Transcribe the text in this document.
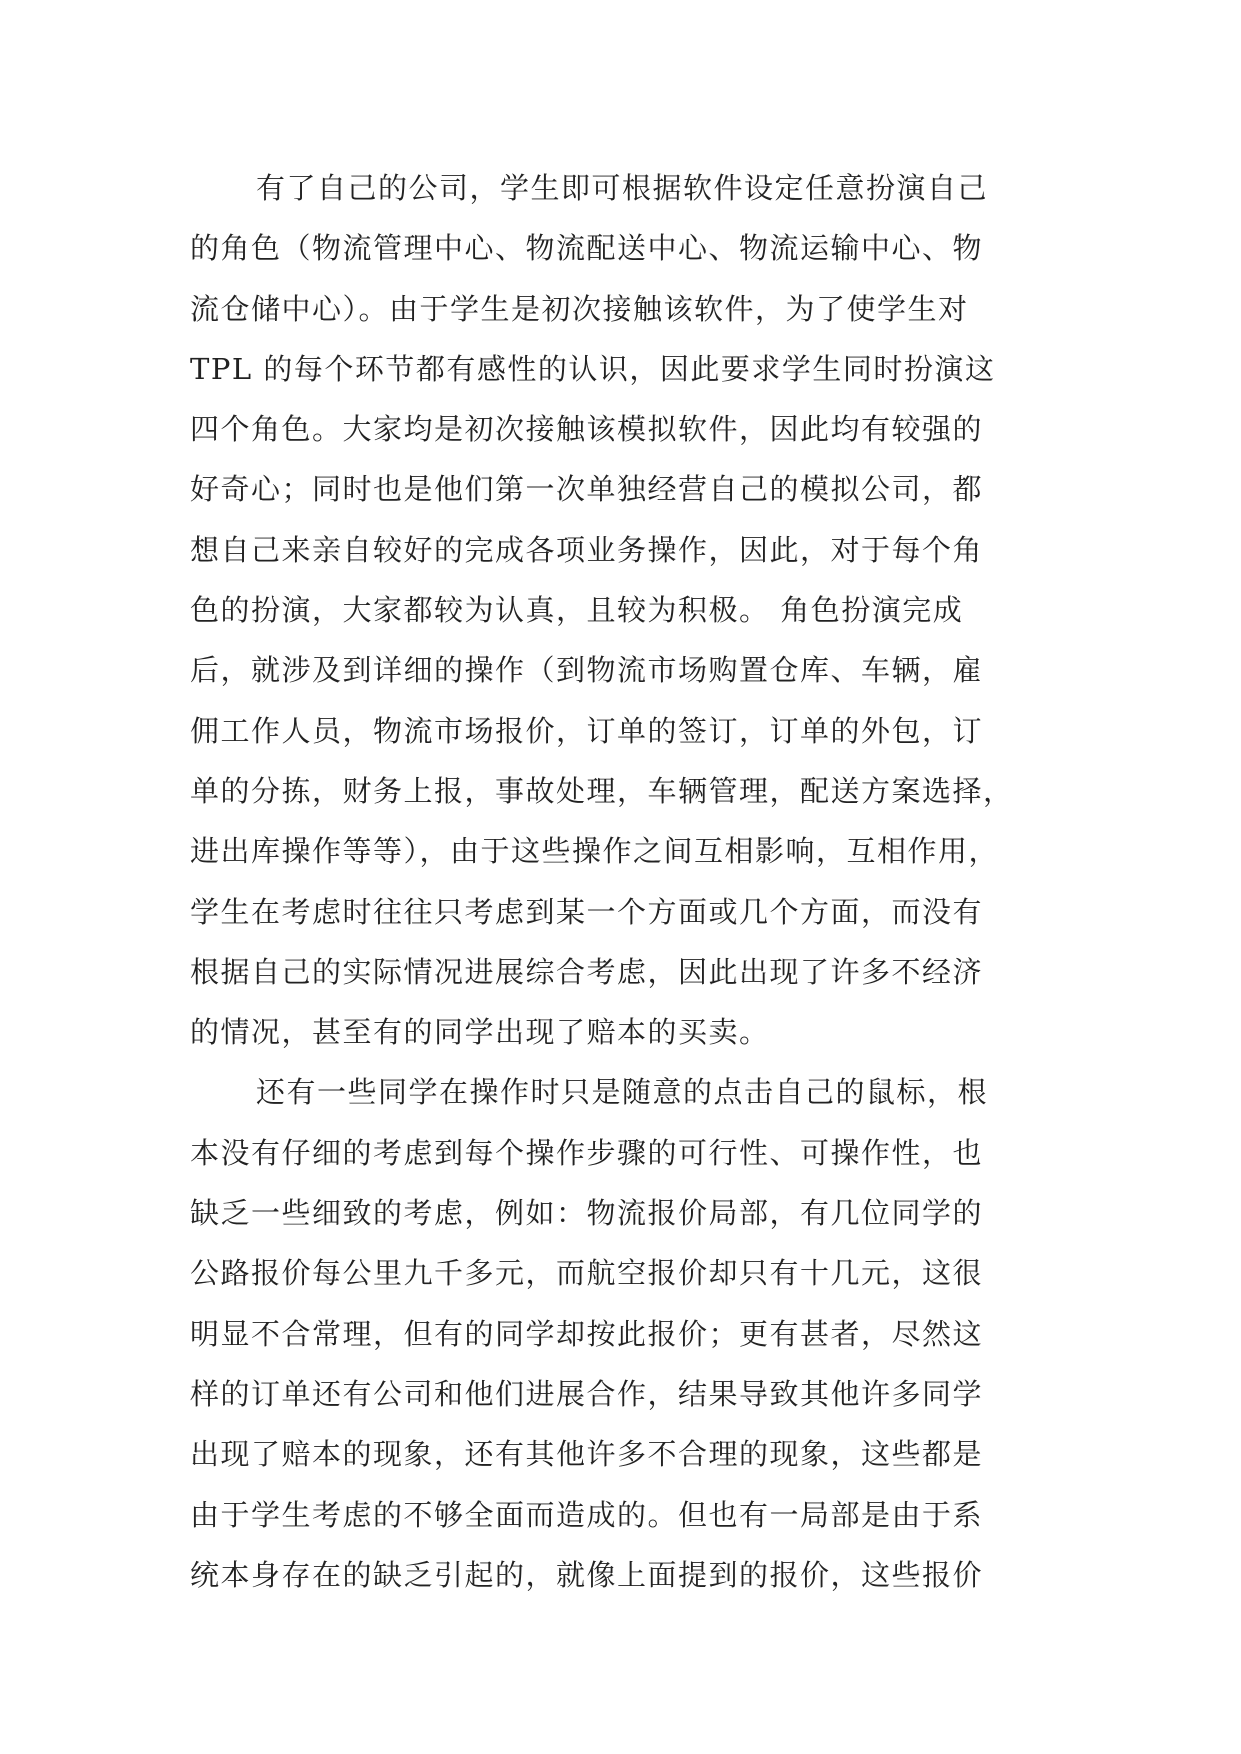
有了自己的公司，学生即可根据软件设定任意扮演自己
的角色（物流管理中心、物流配送中心、物流运输中心、物
流仓储中心）。由于学生是初次接触该软件，为了使学生对
TPL 的每个环节都有感性的认识，因此要求学生同时扮演这
四个角色。大家均是初次接触该模拟软件，因此均有较强的
好奇心；同时也是他们第一次单独经营自己的模拟公司，都
想自己来亲自较好的完成各项业务操作，因此，对于每个角
色的扮演，大家都较为认真，且较为积极。 角色扮演完成
后，就涉及到详细的操作（到物流市场购置仓库、车辆，雇
佣工作人员，物流市场报价，订单的签订，订单的外包，订
单的分拣，财务上报，事故处理，车辆管理，配送方案选择，
进出库操作等等），由于这些操作之间互相影响，互相作用，
学生在考虑时往往只考虑到某一个方面或几个方面，而没有
根据自己的实际情况进展综合考虑，因此出现了许多不经济
的情况，甚至有的同学出现了赔本的买卖。
还有一些同学在操作时只是随意的点击自己的鼠标，根
本没有仔细的考虑到每个操作步骤的可行性、可操作性，也
缺乏一些细致的考虑，例如：物流报价局部，有几位同学的
公路报价每公里九千多元，而航空报价却只有十几元，这很
明显不合常理，但有的同学却按此报价；更有甚者，尽然这
样的订单还有公司和他们进展合作，结果导致其他许多同学
出现了赔本的现象，还有其他许多不合理的现象，这些都是
由于学生考虑的不够全面而造成的。但也有一局部是由于系
统本身存在的缺乏引起的，就像上面提到的报价，这些报价
